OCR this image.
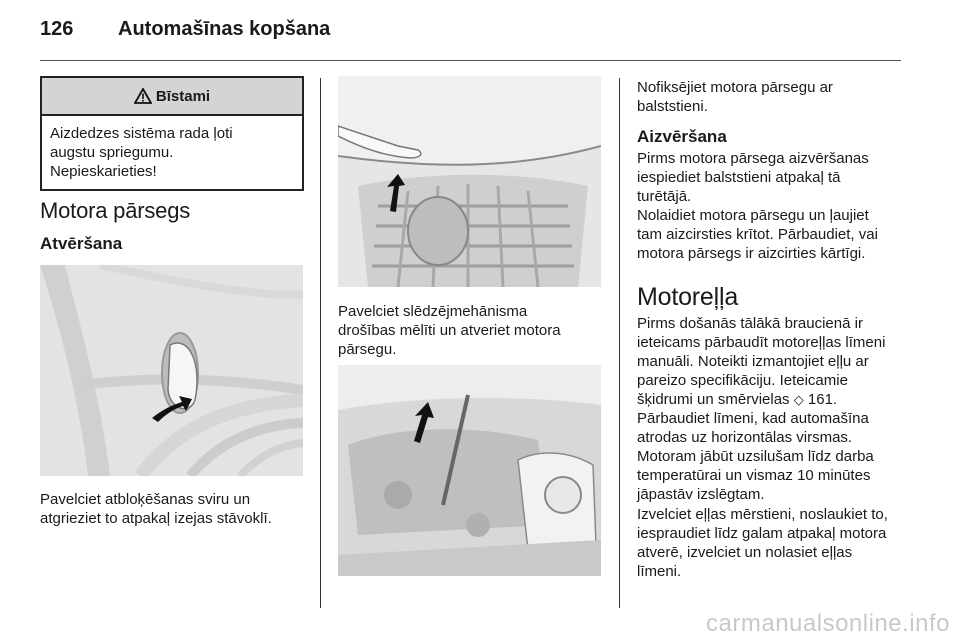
126 Automašīnas kopšana
Bīstami
Aizdedzes sistēma rada ļoti
augstu spriegumu.
Nepieskarieties!
Motora pārsegs
Atvēršana
Pavelciet atbloķēšanas sviru un
atgrieziet to atpakaļ izejas stāvoklī.
Pavelciet slēdzējmehānisma
drošības mēlīti un atveriet motora
pārsegu.
Nofiksējiet motora pārsegu ar
balststieni.
Aizvēršana
Pirms motora pārsega aizvēršanas
iespiediet balststieni atpakaļ tā
turētājā.
Nolaidiet motora pārsegu un ļaujiet
tam aizcirsties krītot. Pārbaudiet, vai
motora pārsegs ir aizcirties kārtīgi.
Motoreļļa
Pirms došanās tālākā braucienā ir
ieteicams pārbaudīt motoreļļas līmeni
manuāli. Noteikti izmantojiet eļļu ar
pareizo specifikāciju. Ieteicamie
šķidrumi un smērvielas ◇ 161.
Pārbaudiet līmeni, kad automašīna
atrodas uz horizontālas virsmas.
Motoram jābūt uzsilušam līdz darba
temperatūrai un vismaz 10 minūtes
jāpastāv izslēgtam.
Izvelciet eļļas mērstieni, noslaukiet to,
iespraudiet līdz galam atpakaļ motora
atverē, izvelciet un nolasiet eļļas
līmeni.
carmanualsonline.info
